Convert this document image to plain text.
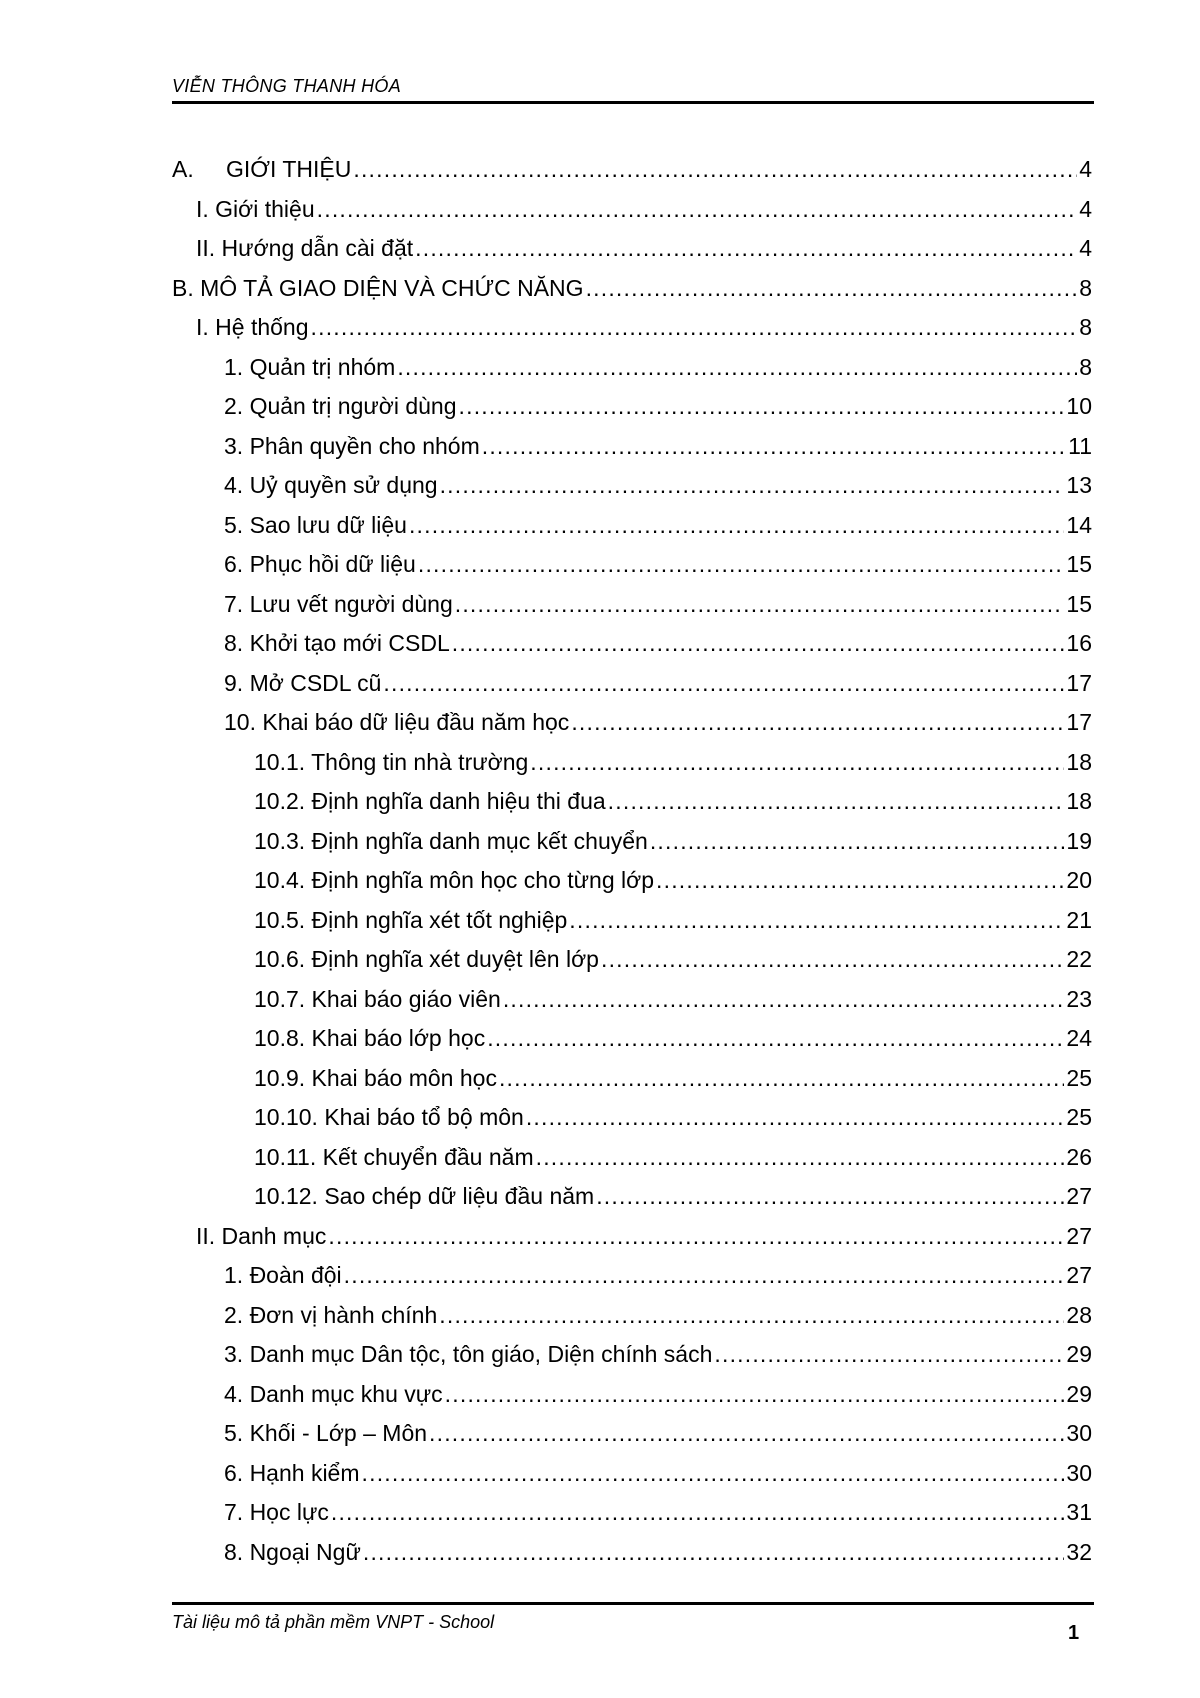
VIỄN THÔNG THANH HÓA
A. GIỚI THIỆU .....	4
I. Giới thiệu .....	4
II. Hướng dẫn cài đặt .....	4
B. MÔ TẢ GIAO DIỆN VÀ CHỨC NĂNG .....	8
I. Hệ thống .....	8
1. Quản trị nhóm .....	8
2. Quản trị người dùng .....	10
3. Phân quyền cho nhóm .....	11
4. Uỷ quyền sử dụng .....	13
5. Sao lưu dữ liệu .....	14
6. Phục hồi dữ liệu .....	15
7. Lưu vết người dùng .....	15
8. Khởi tạo mới CSDL .....	16
9. Mở CSDL cũ .....	17
10. Khai báo dữ liệu đầu năm học .....	17
10.1. Thông tin nhà trường .....	18
10.2. Định nghĩa danh hiệu thi đua .....	18
10.3. Định nghĩa danh mục kết chuyển .....	19
10.4. Định nghĩa môn học cho từng lớp .....	20
10.5. Định nghĩa xét tốt nghiệp .....	21
10.6. Định nghĩa xét duyệt lên lớp .....	22
10.7. Khai báo giáo viên .....	23
10.8. Khai báo lớp học .....	24
10.9. Khai báo môn học .....	25
10.10. Khai báo tổ bộ môn .....	25
10.11. Kết chuyển đầu năm .....	26
10.12. Sao chép dữ liệu đầu năm .....	27
II. Danh mục .....	27
1. Đoàn đội .....	27
2. Đơn vị hành chính .....	28
3. Danh mục Dân tộc, tôn giáo, Diện chính sách .....	29
4. Danh mục khu vực .....	29
5. Khối - Lớp – Môn .....	30
6. Hạnh kiểm .....	30
7. Học lực .....	31
8. Ngoại Ngữ .....	32
Tài liệu mô tả phần mềm VNPT - School	1
